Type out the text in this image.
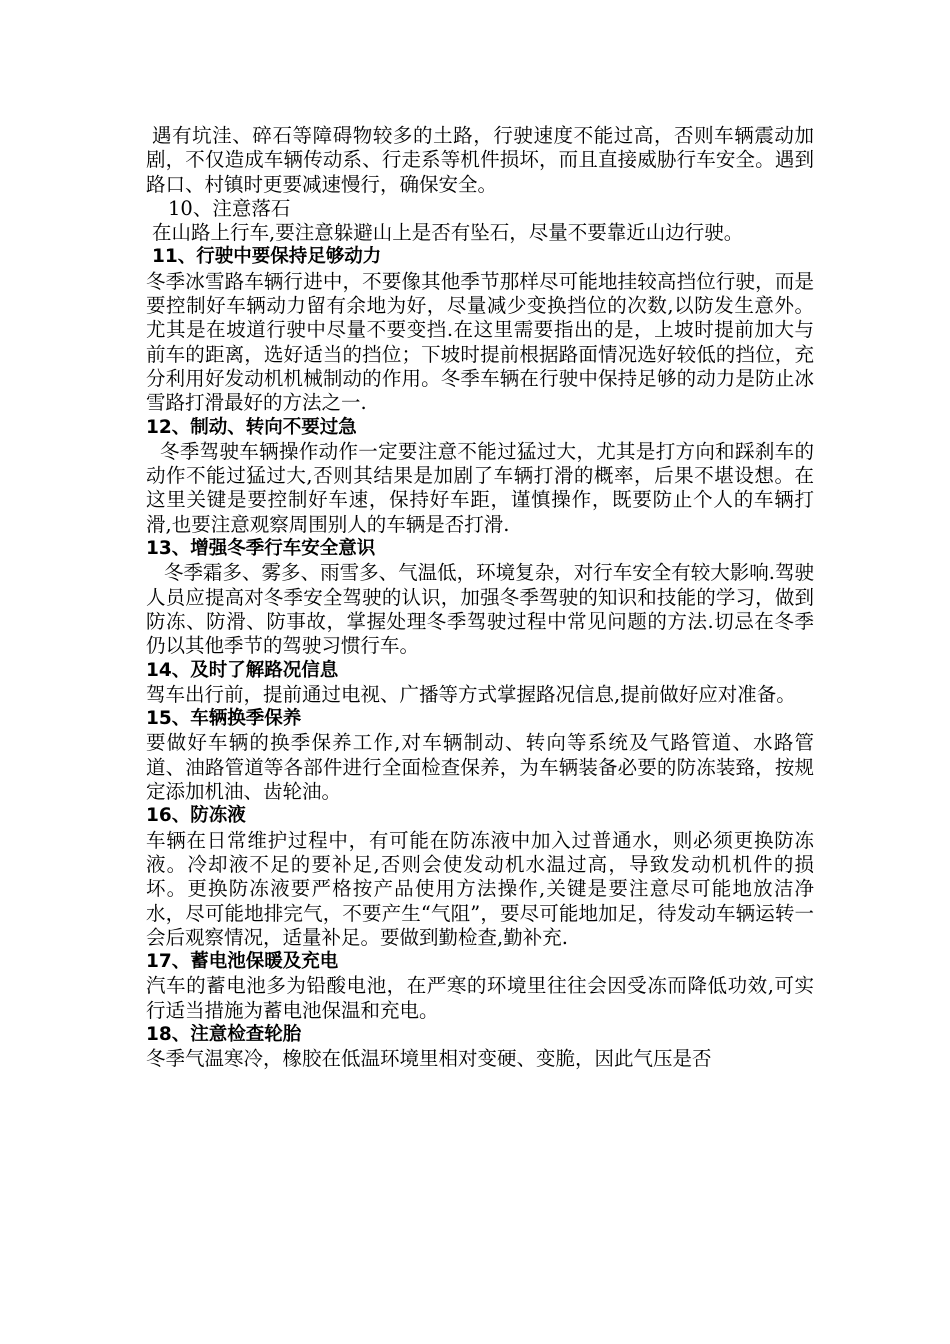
遇有坑洼、碎石等障碍物较多的土路，行驶速度不能过高，否则车辆震动加剧，不仅造成车辆传动系、行走系等机件损坏，而且直接威胁行车安全。遇到路口、村镇时更要减速慢行，确保安全。

10、注意落石

在山路上行车,要注意躲避山上是否有坠石，尽量不要靠近山边行驶。

11、行驶中要保持足够动力

冬季冰雪路车辆行进中，不要像其他季节那样尽可能地挂较高挡位行驶，而是要控制好车辆动力留有余地为好，尽量减少变换挡位的次数,以防发生意外。尤其是在坡道行驶中尽量不要变挡.在这里需要指出的是，上坡时提前加大与前车的距离，选好适当的挡位；下坡时提前根据路面情况选好较低的挡位，充分利用好发动机机械制动的作用。冬季车辆在行驶中保持足够的动力是防止冰雪路打滑最好的方法之一.

12、制动、转向不要过急

冬季驾驶车辆操作动作一定要注意不能过猛过大，尤其是打方向和踩刹车的动作不能过猛过大,否则其结果是加剧了车辆打滑的概率，后果不堪设想。在这里关键是要控制好车速，保持好车距，谨慎操作，既要防止个人的车辆打滑,也要注意观察周围别人的车辆是否打滑.

13、增强冬季行车安全意识

冬季霜多、雾多、雨雪多、气温低，环境复杂，对行车安全有较大影响.驾驶人员应提高对冬季安全驾驶的认识，加强冬季驾驶的知识和技能的学习，做到防冻、防滑、防事故，掌握处理冬季驾驶过程中常见问题的方法.切忌在冬季仍以其他季节的驾驶习惯行车。

14、及时了解路况信息

驾车出行前，提前通过电视、广播等方式掌握路况信息,提前做好应对准备。

15、车辆换季保养

要做好车辆的换季保养工作,对车辆制动、转向等系统及气路管道、水路管道、油路管道等各部件进行全面检查保养，为车辆装备必要的防冻装臵，按规定添加机油、齿轮油。

16、防冻液

车辆在日常维护过程中，有可能在防冻液中加入过普通水，则必须更换防冻液。冷却液不足的要补足,否则会使发动机水温过高，导致发动机机件的损坏。更换防冻液要严格按产品使用方法操作,关键是要注意尽可能地放洁净水，尽可能地排完气，不要产生“气阻”，要尽可能地加足，待发动车辆运转一会后观察情况，适量补足。要做到勤检查,勤补充.

17、蓄电池保暖及充电

汽车的蓄电池多为铅酸电池，在严寒的环境里往往会因受冻而降低功效,可实行适当措施为蓄电池保温和充电。

18、注意检查轮胎

冬季气温寒冷，橡胶在低温环境里相对变硬、变脆，因此气压是否
